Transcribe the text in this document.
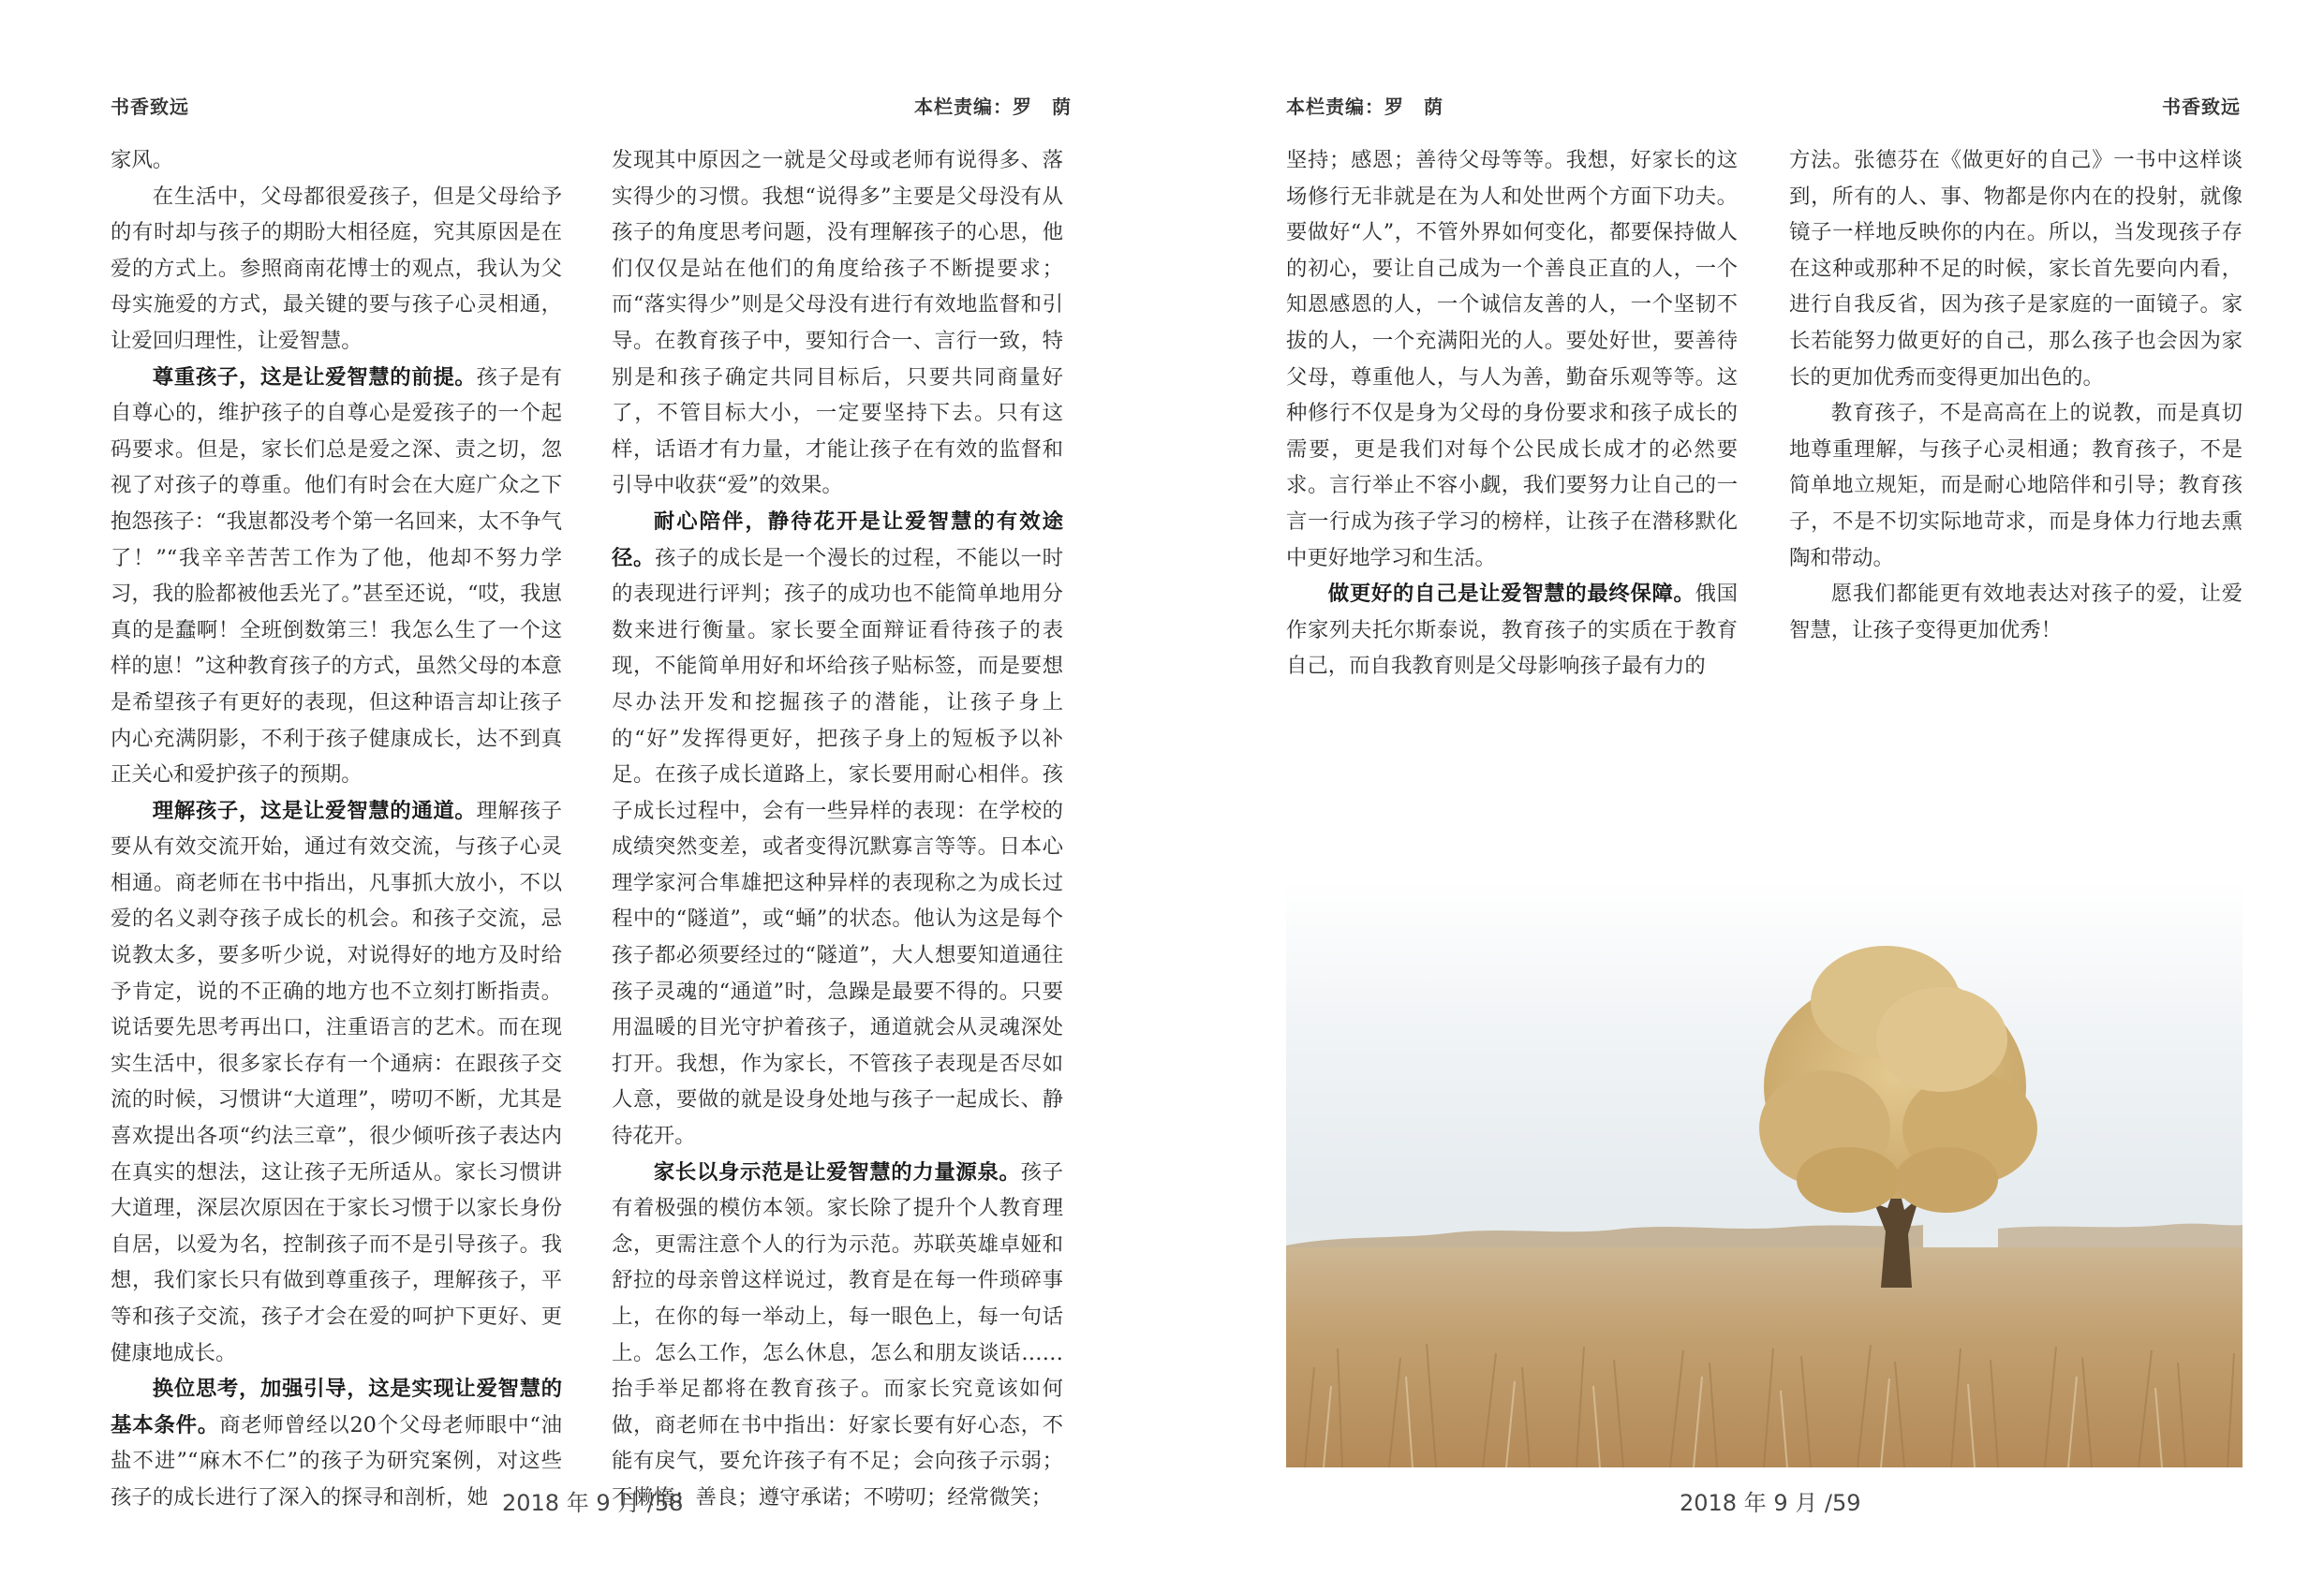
书香致远	本栏责编：罗　荫

家风。

在生活中，父母都很爱孩子，但是父母给予的有时却与孩子的期盼大相径庭，究其原因是在爱的方式上。参照商南花博士的观点，我认为父母实施爱的方式，最关键的要与孩子心灵相通，让爱回归理性，让爱智慧。

尊重孩子，这是让爱智慧的前提。孩子是有自尊心的，维护孩子的自尊心是爱孩子的一个起码要求。但是，家长们总是爱之深、责之切，忽视了对孩子的尊重。他们有时会在大庭广众之下抱怨孩子：“我崽都没考个第一名回来，太不争气了！”“我辛辛苦苦工作为了他，他却不努力学习，我的脸都被他丢光了。”甚至还说，“哎，我崽真的是蠢啊！全班倒数第三！我怎么生了一个这样的崽！”这种教育孩子的方式，虽然父母的本意是希望孩子有更好的表现，但这种语言却让孩子内心充满阴影，不利于孩子健康成长，达不到真正关心和爱护孩子的预期。

理解孩子，这是让爱智慧的通道。理解孩子要从有效交流开始，通过有效交流，与孩子心灵相通。商老师在书中指出，凡事抓大放小，不以爱的名义剥夺孩子成长的机会。和孩子交流，忌说教太多，要多听少说，对说得好的地方及时给予肯定，说的不正确的地方也不立刻打断指责。说话要先思考再出口，注重语言的艺术。而在现实生活中，很多家长存有一个通病：在跟孩子交流的时候，习惯讲“大道理”，唠叨不断，尤其是喜欢提出各项“约法三章”，很少倾听孩子表达内在真实的想法，这让孩子无所适从。家长习惯讲大道理，深层次原因在于家长习惯于以家长身份自居，以爱为名，控制孩子而不是引导孩子。我想，我们家长只有做到尊重孩子，理解孩子，平等和孩子交流，孩子才会在爱的呵护下更好、更健康地成长。

换位思考，加强引导，这是实现让爱智慧的基本条件。商老师曾经以20个父母老师眼中“油盐不进”“麻木不仁”的孩子为研究案例，对这些孩子的成长进行了深入的探寻和剖析，她

发现其中原因之一就是父母或老师有说得多、落实得少的习惯。我想“说得多”主要是父母没有从孩子的角度思考问题，没有理解孩子的心思，他们仅仅是站在他们的角度给孩子不断提要求；而“落实得少”则是父母没有进行有效地监督和引导。在教育孩子中，要知行合一、言行一致，特别是和孩子确定共同目标后，只要共同商量好了，不管目标大小，一定要坚持下去。只有这样，话语才有力量，才能让孩子在有效的监督和引导中收获“爱”的效果。

耐心陪伴，静待花开是让爱智慧的有效途径。孩子的成长是一个漫长的过程，不能以一时的表现进行评判；孩子的成功也不能简单地用分数来进行衡量。家长要全面辩证看待孩子的表现，不能简单用好和坏给孩子贴标签，而是要想尽办法开发和挖掘孩子的潜能，让孩子身上的“好”发挥得更好，把孩子身上的短板予以补足。在孩子成长道路上，家长要用耐心相伴。孩子成长过程中，会有一些异样的表现：在学校的成绩突然变差，或者变得沉默寡言等等。日本心理学家河合隼雄把这种异样的表现称之为成长过程中的“隧道”，或“蛹”的状态。他认为这是每个孩子都必须要经过的“隧道”，大人想要知道通往孩子灵魂的“通道”时，急躁是最要不得的。只要用温暖的目光守护着孩子，通道就会从灵魂深处打开。我想，作为家长，不管孩子表现是否尽如人意，要做的就是设身处地与孩子一起成长、静待花开。

家长以身示范是让爱智慧的力量源泉。孩子有着极强的模仿本领。家长除了提升个人教育理念，更需注意个人的行为示范。苏联英雄卓娅和舒拉的母亲曾这样说过，教育是在每一件琐碎事上，在你的每一举动上，每一眼色上，每一句话上。怎么工作，怎么休息，怎么和朋友谈话……抬手举足都将在教育孩子。而家长究竟该如何做，商老师在书中指出：好家长要有好心态，不能有戾气，要允许孩子有不足；会向孩子示弱；不懒惰；善良；遵守承诺；不唠叨；经常微笑；

2018 年 9 月 /58
本栏责编：罗　荫	书香致远

坚持；感恩；善待父母等等。我想，好家长的这场修行无非就是在为人和处世两个方面下功夫。要做好“人”，不管外界如何变化，都要保持做人的初心，要让自己成为一个善良正直的人，一个知恩感恩的人，一个诚信友善的人，一个坚韧不拔的人，一个充满阳光的人。要处好世，要善待父母，尊重他人，与人为善，勤奋乐观等等。这种修行不仅是身为父母的身份要求和孩子成长的需要，更是我们对每个公民成长成才的必然要求。言行举止不容小觑，我们要努力让自己的一言一行成为孩子学习的榜样，让孩子在潜移默化中更好地学习和生活。

做更好的自己是让爱智慧的最终保障。俄国作家列夫托尔斯泰说，教育孩子的实质在于教育自己，而自我教育则是父母影响孩子最有力的

方法。张德芬在《做更好的自己》一书中这样谈到，所有的人、事、物都是你内在的投射，就像镜子一样地反映你的内在。所以，当发现孩子存在这种或那种不足的时候，家长首先要向内看，进行自我反省，因为孩子是家庭的一面镜子。家长若能努力做更好的自己，那么孩子也会因为家长的更加优秀而变得更加出色的。

教育孩子，不是高高在上的说教，而是真切地尊重理解，与孩子心灵相通；教育孩子，不是简单地立规矩，而是耐心地陪伴和引导；教育孩子，不是不切实际地苛求，而是身体力行地去熏陶和带动。

愿我们都能更有效地表达对孩子的爱，让爱智慧，让孩子变得更加优秀！

2018 年 9 月 /59
